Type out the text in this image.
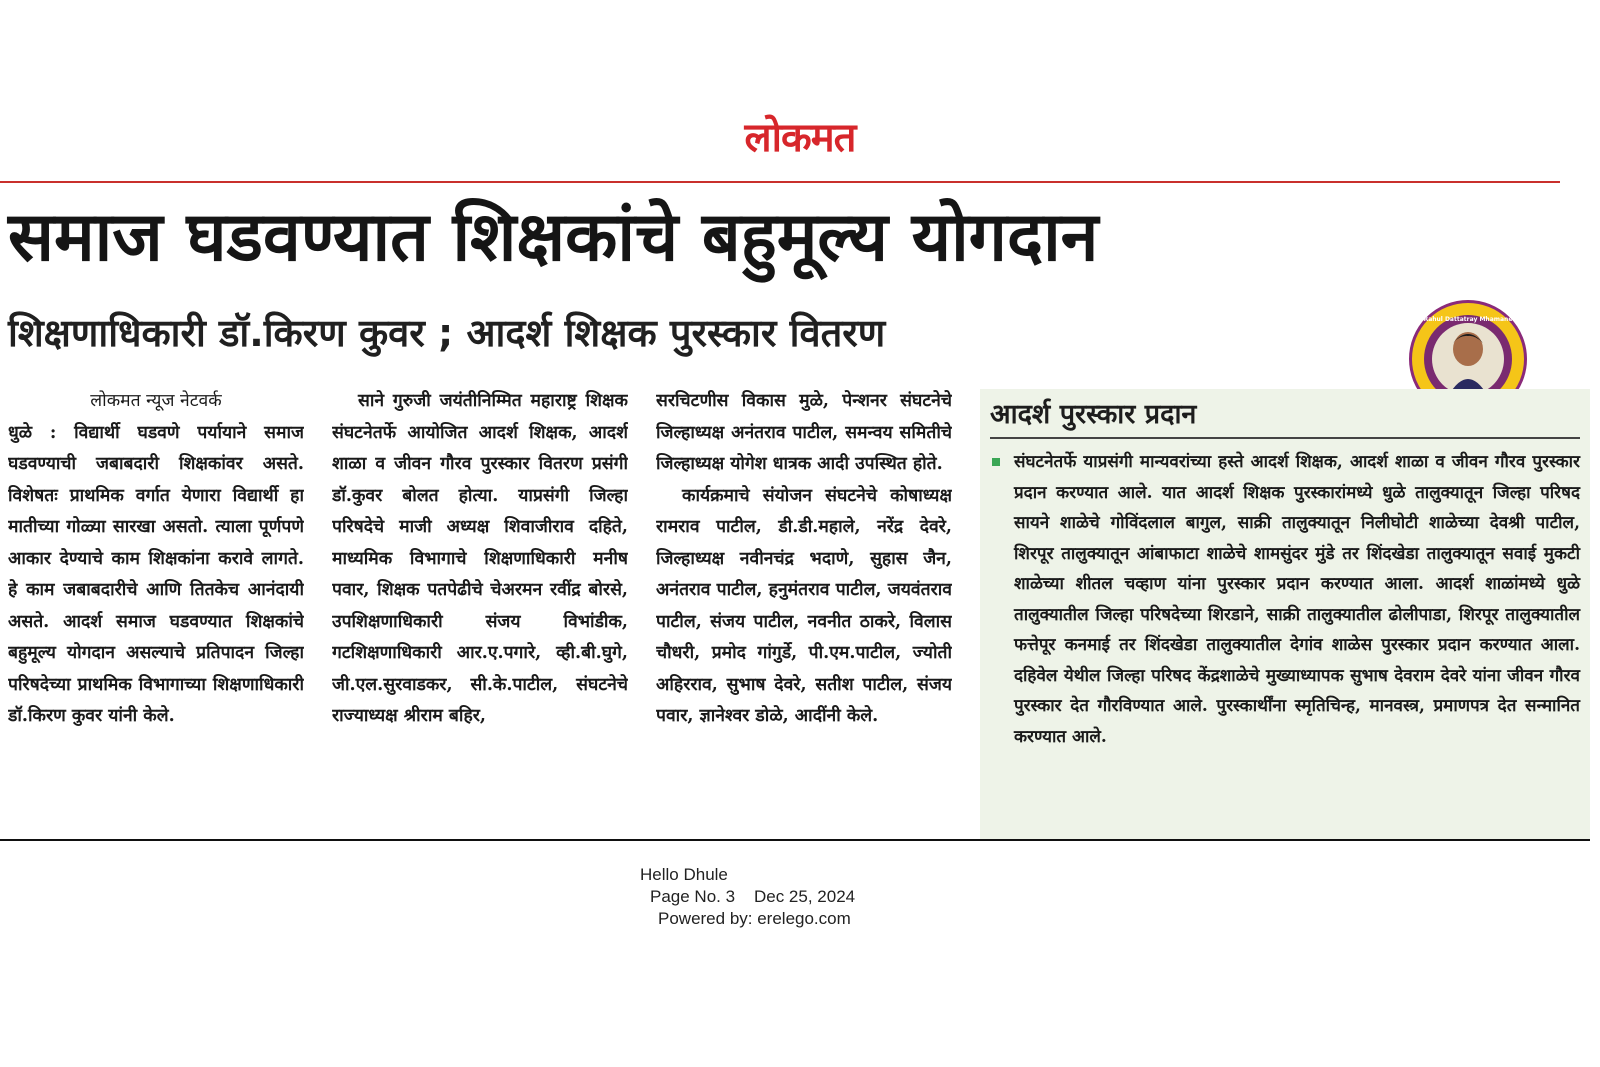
लोकमत
समाज घडवण्यात शिक्षकांचे बहुमूल्य योगदान
शिक्षणाधिकारी डॉ.किरण कुवर ; आदर्श शिक्षक पुरस्कार वितरण	Rahul Dattatray Mhamane

लोकमत न्यूज नेटवर्क

धुळे : विद्यार्थी घडवणे पर्यायाने समाज घडवण्याची जबाबदारी शिक्षकांवर असते. विशेषतः प्राथमिक वर्गात येणारा विद्यार्थी हा मातीच्या गोळ्या सारखा असतो. त्याला पूर्णपणे आकार देण्याचे काम शिक्षकांना करावे लागते. हे काम जबाबदारीचे आणि तितकेच आनंदायी असते. आदर्श समाज घडवण्यात शिक्षकांचे बहुमूल्य योगदान असल्याचे प्रतिपादन जिल्हा परिषदेच्या प्राथमिक विभागाच्या शिक्षणाधिकारी डॉ.किरण कुवर यांनी केले.

साने गुरुजी जयंतीनिम्मित महाराष्ट्र शिक्षक संघटनेतर्फे आयोजित आदर्श शिक्षक, आदर्श शाळा व जीवन गौरव पुरस्कार वितरण प्रसंगी डॉ.कुवर बोलत होत्या. याप्रसंगी जिल्हा परिषदेचे माजी अध्यक्ष शिवाजीराव दहिते, माध्यमिक विभागाचे शिक्षणाधिकारी मनीष पवार, शिक्षक पतपेढीचे चेअरमन रवींद्र बोरसे, उपशिक्षणाधिकारी संजय विभांडीक, गटशिक्षणाधिकारी आर.ए.पगारे, व्ही.बी.घुगे, जी.एल.सुरवाडकर, सी.के.पाटील, संघटनेचे राज्याध्यक्ष श्रीराम बहिर,

सरचिटणीस विकास मुळे, पेन्शनर संघटनेचे जिल्हाध्यक्ष अनंतराव पाटील, समन्वय समितीचे जिल्हाध्यक्ष योगेश धात्रक आदी उपस्थित होते.

कार्यक्रमाचे संयोजन संघटनेचे कोषाध्यक्ष रामराव पाटील, डी.डी.महाले, नरेंद्र देवरे, जिल्हाध्यक्ष नवीनचंद्र भदाणे, सुहास जैन, अनंतराव पाटील, हनुमंतराव पाटील, जयवंतराव पाटील, संजय पाटील, नवनीत ठाकरे, विलास चौधरी, प्रमोद गांगुर्डे, पी.एम.पाटील, ज्योती अहिरराव, सुभाष देवरे, सतीश पाटील, संजय पवार, ज्ञानेश्वर डोळे, आदींनी केले.

आदर्श पुरस्कार प्रदान
संघटनेतर्फे याप्रसंगी मान्यवरांच्या हस्ते आदर्श शिक्षक, आदर्श शाळा व जीवन गौरव पुरस्कार प्रदान करण्यात आले. यात आदर्श शिक्षक पुरस्कारांमध्ये धुळे तालुक्यातून जिल्हा परिषद सायने शाळेचे गोविंदलाल बागुल, साक्री तालुक्यातून निलीघोटी शाळेच्या देवश्री पाटील, शिरपूर तालुक्यातून आंबाफाटा शाळेचे शामसुंदर मुंडे तर शिंदखेडा तालुक्यातून सवाई मुकटी शाळेच्या शीतल चव्हाण यांना पुरस्कार प्रदान करण्यात आला. आदर्श शाळांमध्ये धुळे तालुक्यातील जिल्हा परिषदेच्या शिरडाने, साक्री तालुक्यातील ढोलीपाडा, शिरपूर तालुक्यातील फत्तेपूर कनमाई तर शिंदखेडा तालुक्यातील देगांव शाळेस पुरस्कार प्रदान करण्यात आला. दहिवेल येथील जिल्हा परिषद केंद्रशाळेचे मुख्याध्यापक सुभाष देवराम देवरे यांना जीवन गौरव पुरस्कार देत गौरविण्यात आले. पुरस्कार्थींना स्मृतिचिन्ह, मानवस्त्र, प्रमाणपत्र देत सन्मानित करण्यात आले.
Hello Dhule
Page No. 3 Dec 25, 2024
Powered by: erelego.com
